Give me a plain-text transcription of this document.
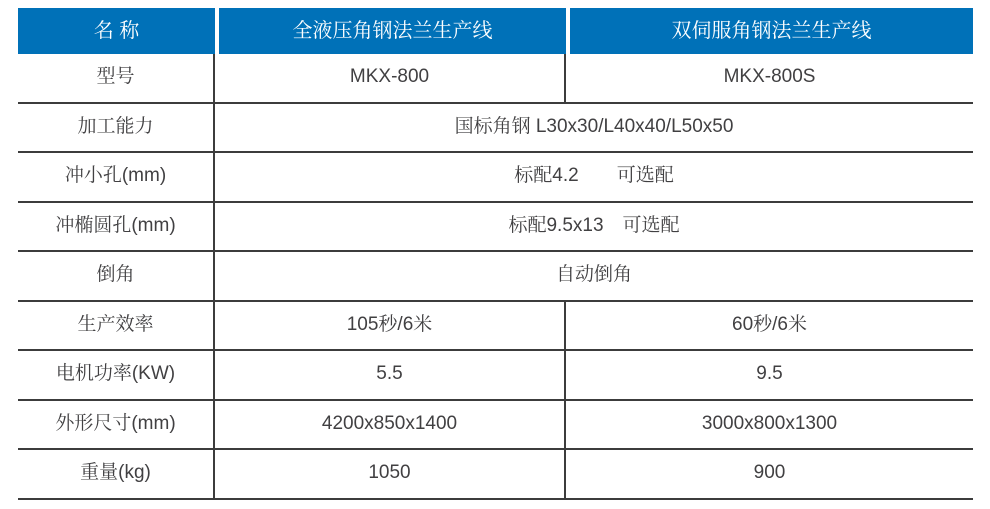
名 称	全液压角钢法兰生产线	双伺服角钢法兰生产线
型号	MKX-800	MKX-800S
加工能力	国标角钢 L30x30/L40x40/L50x50
冲小孔(mm)	标配4.2　　可选配
冲椭圆孔(mm)	标配9.5x13　可选配
倒角	自动倒角
生产效率	105秒/6米	60秒/6米
电机功率(KW)	5.5	9.5
外形尺寸(mm)	4200x850x1400	3000x800x1300
重量(kg)	1050	900
